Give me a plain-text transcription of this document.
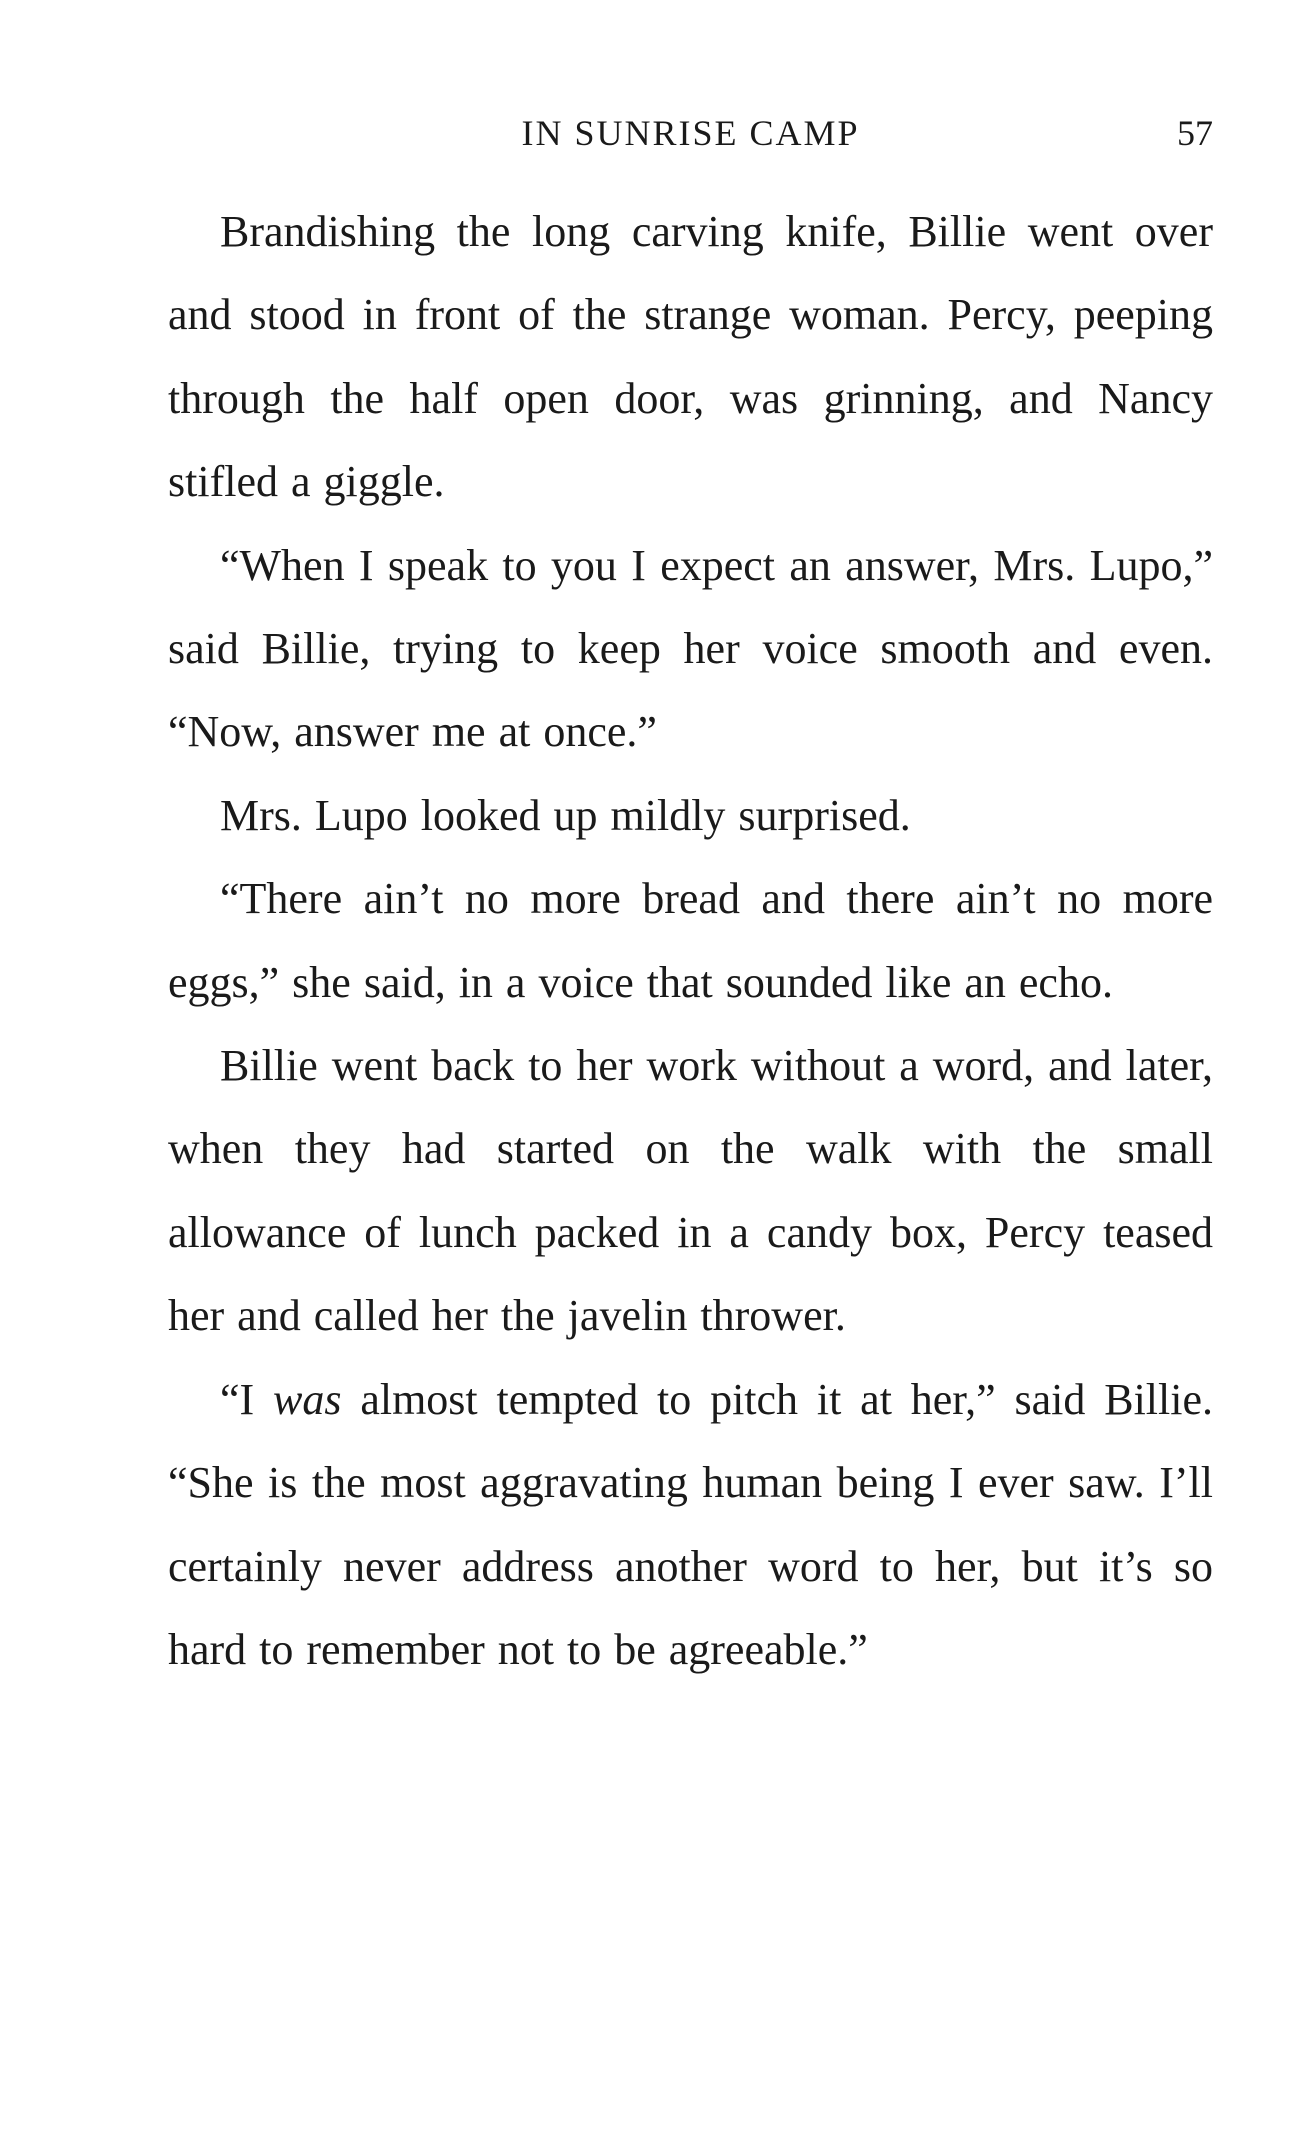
IN SUNRISE CAMP	57

Brandishing the long carving knife, Billie went over and stood in front of the strange woman. Percy, peeping through the half open door, was grinning, and Nancy stifled a giggle.

“When I speak to you I expect an answer, Mrs. Lupo,” said Billie, trying to keep her voice smooth and even. “Now, answer me at once.”

Mrs. Lupo looked up mildly surprised.

“There ain’t no more bread and there ain’t no more eggs,” she said, in a voice that sounded like an echo.

Billie went back to her work without a word, and later, when they had started on the walk with the small allowance of lunch packed in a candy box, Percy teased her and called her the javelin thrower.

“I was almost tempted to pitch it at her,” said Billie. “She is the most aggravating human being I ever saw. I’ll certainly never address another word to her, but it’s so hard to remember not to be agreeable.”
